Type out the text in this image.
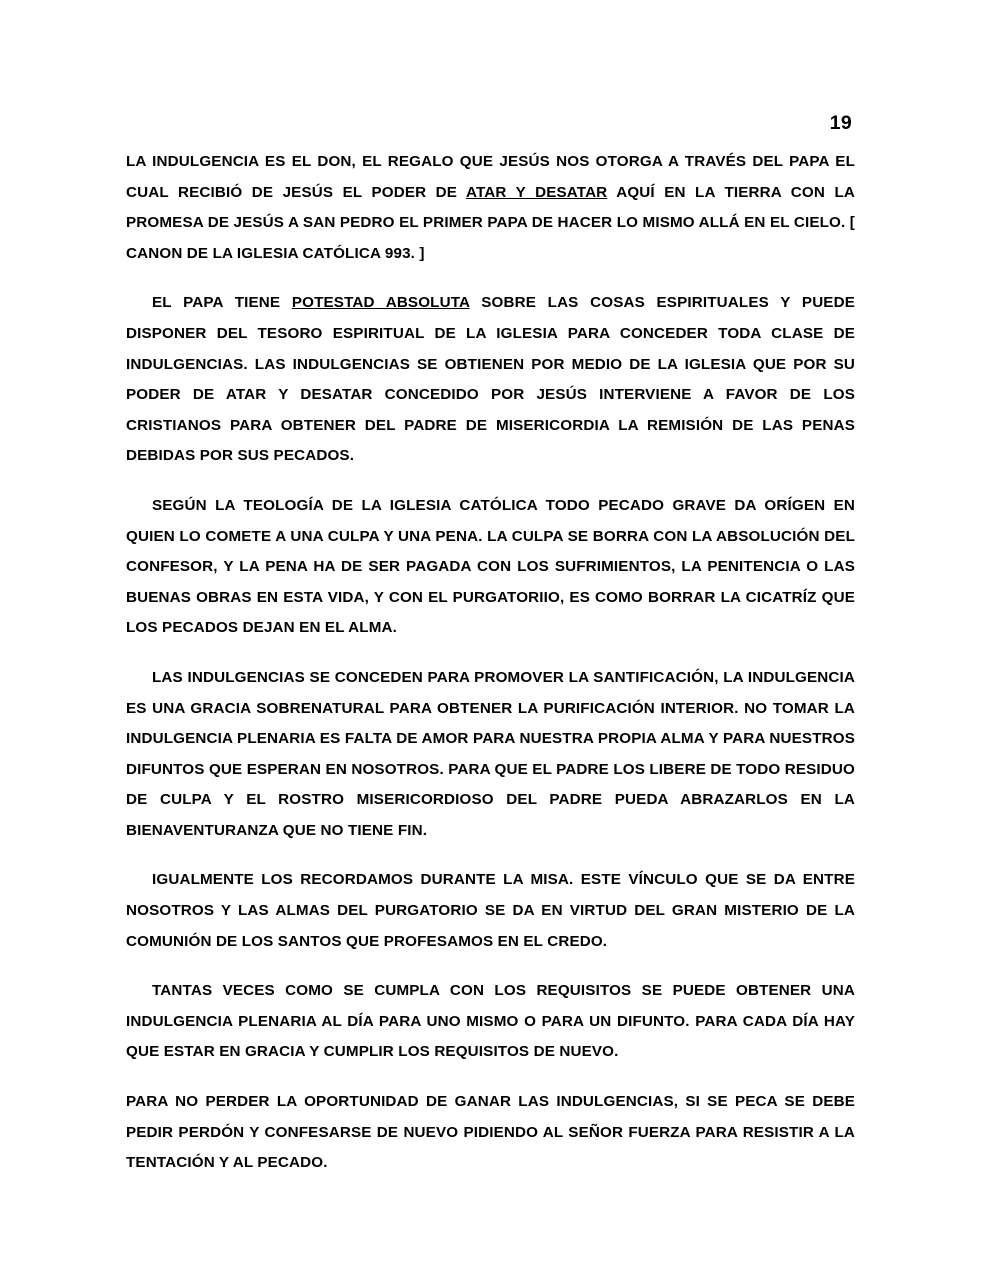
19

LA INDULGENCIA ES EL DON, EL REGALO QUE JESÚS NOS OTORGA A TRAVÉS DEL PAPA EL CUAL RECIBIÓ DE JESÚS EL PODER DE ATAR Y DESATAR AQUÍ EN LA TIERRA CON LA PROMESA DE JESÚS A SAN PEDRO EL PRIMER PAPA DE HACER LO MISMO ALLÁ EN EL CIELO. [ CANON DE LA IGLESIA CATÓLICA 993. ]

EL PAPA TIENE POTESTAD ABSOLUTA SOBRE LAS COSAS ESPIRITUALES Y PUEDE DISPONER DEL TESORO ESPIRITUAL DE LA IGLESIA PARA CONCEDER TODA CLASE DE INDULGENCIAS. LAS INDULGENCIAS SE OBTIENEN POR MEDIO DE LA IGLESIA QUE POR SU PODER DE ATAR Y DESATAR CONCEDIDO POR JESÚS INTERVIENE A FAVOR DE LOS CRISTIANOS PARA OBTENER DEL PADRE DE MISERICORDIA LA REMISIÓN DE LAS PENAS DEBIDAS POR SUS PECADOS.

SEGÚN LA TEOLOGÍA DE LA IGLESIA CATÓLICA TODO PECADO GRAVE DA ORÍGEN EN QUIEN LO COMETE A UNA CULPA Y UNA PENA. LA CULPA SE BORRA CON LA ABSOLUCIÓN DEL CONFESOR, Y LA PENA HA DE SER PAGADA CON LOS SUFRIMIENTOS, LA PENITENCIA O LAS BUENAS OBRAS EN ESTA VIDA, Y CON EL PURGATORIIO, ES COMO BORRAR LA CICATRÍZ QUE LOS PECADOS DEJAN EN EL ALMA.

LAS INDULGENCIAS SE CONCEDEN PARA PROMOVER LA SANTIFICACIÓN, LA INDULGENCIA ES UNA GRACIA SOBRENATURAL PARA OBTENER LA PURIFICACIÓN INTERIOR. NO TOMAR LA INDULGENCIA PLENARIA ES FALTA DE AMOR PARA NUESTRA PROPIA ALMA Y PARA NUESTROS DIFUNTOS QUE ESPERAN EN NOSOTROS. PARA QUE EL PADRE LOS LIBERE DE TODO RESIDUO DE CULPA Y EL ROSTRO MISERICORDIOSO DEL PADRE PUEDA ABRAZARLOS EN LA BIENAVENTURANZA QUE NO TIENE FIN.

IGUALMENTE LOS RECORDAMOS DURANTE LA MISA. ESTE VÍNCULO QUE SE DA ENTRE NOSOTROS Y LAS ALMAS DEL PURGATORIO SE DA EN VIRTUD DEL GRAN MISTERIO DE LA COMUNIÓN DE LOS SANTOS QUE PROFESAMOS EN EL CREDO.

TANTAS VECES COMO SE CUMPLA CON LOS REQUISITOS SE PUEDE OBTENER UNA INDULGENCIA PLENARIA AL DÍA PARA UNO MISMO O PARA UN DIFUNTO. PARA CADA DÍA HAY QUE ESTAR EN GRACIA Y CUMPLIR LOS REQUISITOS DE NUEVO.

PARA NO PERDER LA OPORTUNIDAD DE GANAR LAS INDULGENCIAS, SI SE PECA SE DEBE PEDIR PERDÓN Y CONFESARSE DE NUEVO PIDIENDO AL SEÑOR FUERZA PARA RESISTIR A LA TENTACIÓN Y AL PECADO.
